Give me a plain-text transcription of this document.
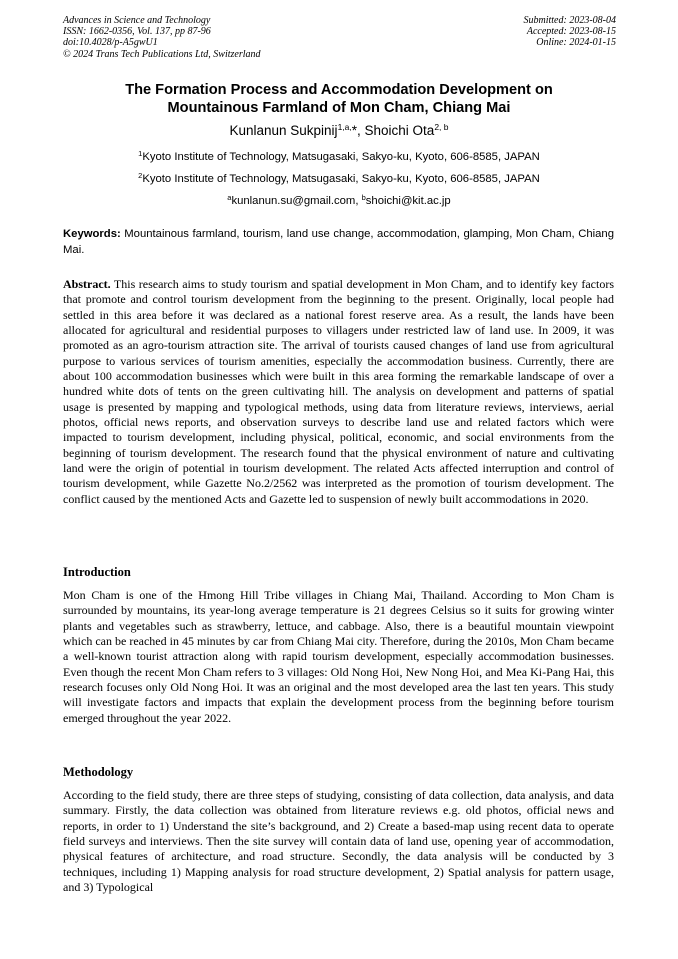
Advances in Science and Technology
ISSN: 1662-0356, Vol. 137, pp 87-96
doi:10.4028/p-A5gwU1
© 2024 Trans Tech Publications Ltd, Switzerland
Submitted: 2023-08-04
Accepted: 2023-08-15
Online: 2024-01-15
The Formation Process and Accommodation Development on
Mountainous Farmland of Mon Cham, Chiang Mai
Kunlanun Sukpinij$^{1,a,}$*, Shoichi Ota$^{2, b}$
$^1$Kyoto Institute of Technology, Matsugasaki, Sakyo-ku, Kyoto, 606-8585, JAPAN
$^2$Kyoto Institute of Technology, Matsugasaki, Sakyo-ku, Kyoto, 606-8585, JAPAN
$^a$kunlanun.su@gmail.com, $^b$shoichi@kit.ac.jp
Keywords: Mountainous farmland, tourism, land use change, accommodation, glamping, Mon Cham, Chiang Mai.
Abstract. This research aims to study tourism and spatial development in Mon Cham, and to identify key factors that promote and control tourism development from the beginning to the present. Originally, local people had settled in this area before it was declared as a national forest reserve area. As a result, the lands have been allocated for agricultural and residential purposes to villagers under restricted law of land use. In 2009, it was promoted as an agro-tourism attraction site. The arrival of tourists caused changes of land use from agricultural purpose to various services of tourism amenities, especially the accommodation business. Currently, there are about 100 accommodation businesses which were built in this area forming the remarkable landscape of over a hundred white dots of tents on the green cultivating hill. The analysis on development and patterns of spatial usage is presented by mapping and typological methods, using data from literature reviews, interviews, aerial photos, official news reports, and observation surveys to describe land use and related factors which were impacted to tourism development, including physical, political, economic, and social environments from the beginning of tourism development. The research found that the physical environment of nature and cultivating land were the origin of potential in tourism development. The related Acts affected interruption and control of tourism development, while Gazette No.2/2562 was interpreted as the promotion of tourism development. The conflict caused by the mentioned Acts and Gazette led to suspension of newly built accommodations in 2020.
Introduction
Mon Cham is one of the Hmong Hill Tribe villages in Chiang Mai, Thailand. According to Mon Cham is surrounded by mountains, its year-long average temperature is 21 degrees Celsius so it suits for growing winter plants and vegetables such as strawberry, lettuce, and cabbage. Also, there is a beautiful mountain viewpoint which can be reached in 45 minutes by car from Chiang Mai city. Therefore, during the 2010s, Mon Cham became a well-known tourist attraction along with rapid tourism development, especially accommodation businesses. Even though the recent Mon Cham refers to 3 villages: Old Nong Hoi, New Nong Hoi, and Mea Ki-Pang Hai, this research focuses only Old Nong Hoi. It was an original and the most developed area the last ten years. This study will investigate factors and impacts that explain the development process from the beginning before tourism emerged throughout the year 2022.
Methodology
According to the field study, there are three steps of studying, consisting of data collection, data analysis, and data summary. Firstly, the data collection was obtained from literature reviews e.g. old photos, official news and reports, in order to 1) Understand the site’s background, and 2) Create a based-map using recent data to operate field surveys and interviews. Then the site survey will contain data of land use, opening year of accommodation, physical features of architecture, and road structure. Secondly, the data analysis will be conducted by 3 techniques, including 1) Mapping analysis for road structure development, 2) Spatial analysis for pattern usage, and 3) Typological
